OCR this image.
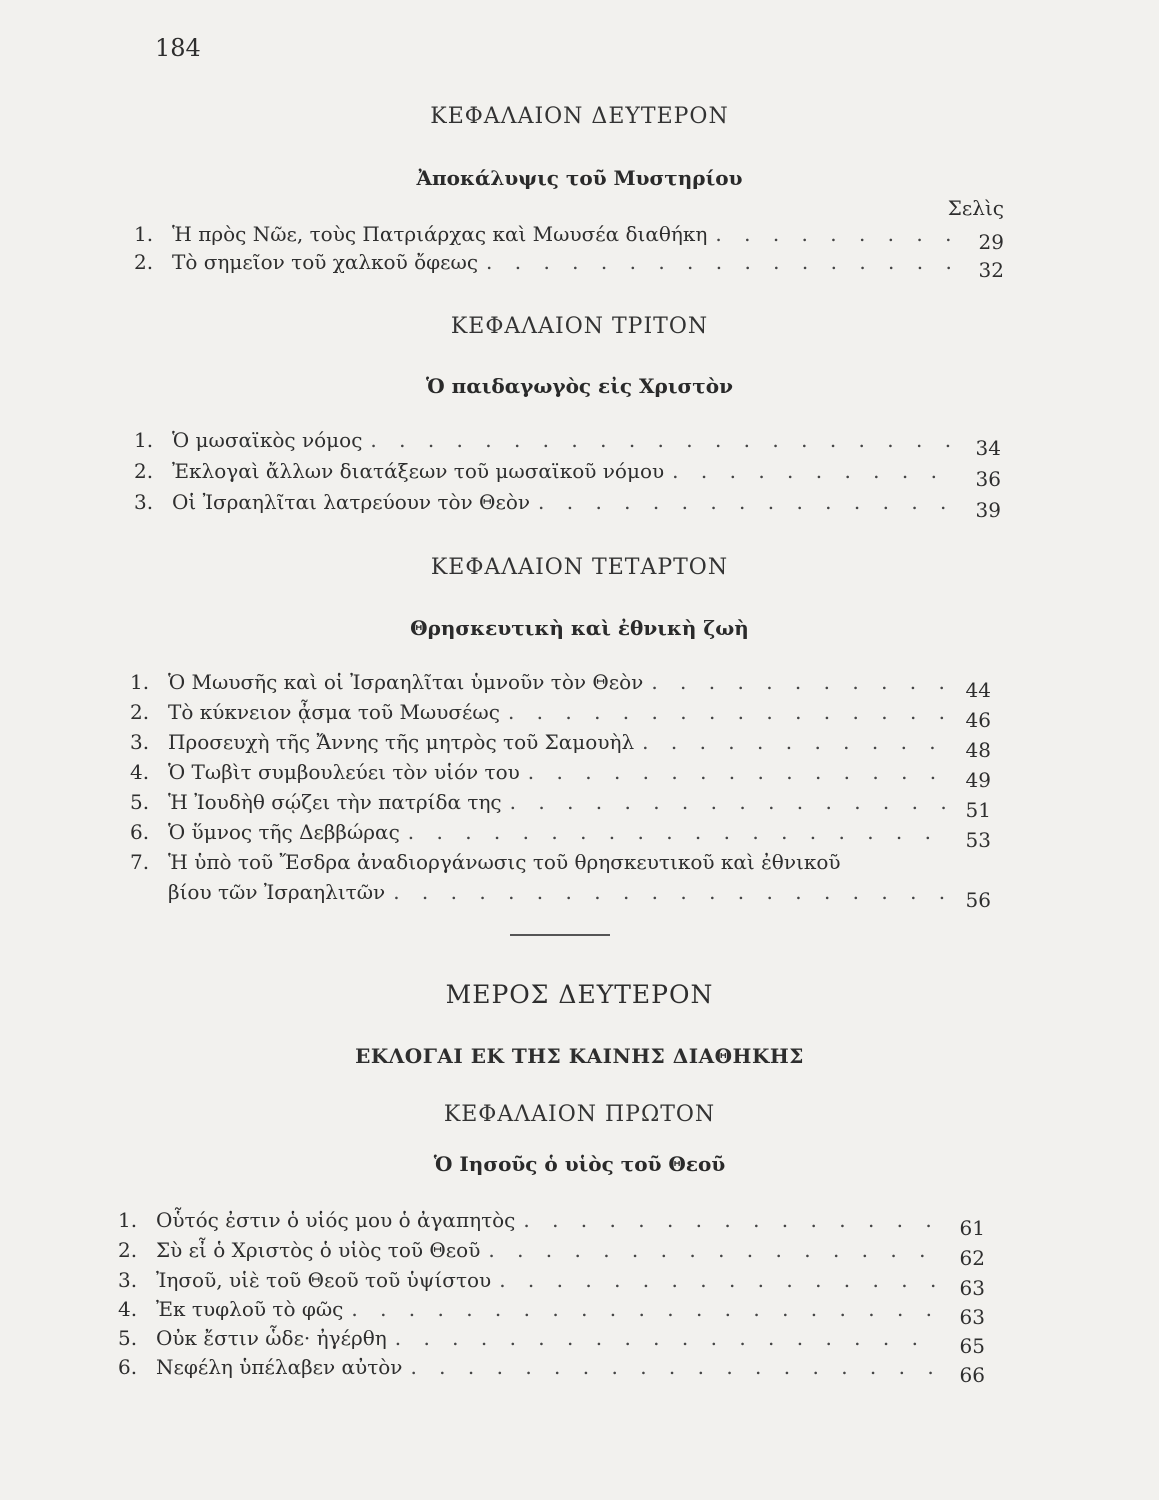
184
ΚΕΦΑΛΑΙΟΝ ΔΕΥΤΕΡΟΝ
Ἀποκάλυψις τοῦ Μυστηρίου
Σελὶς
1. Ἡ πρὸς Νῶε, τοὺς Πατριάρχας καὶ Μωυσέα διαθήκη . . .	29
2. Τὸ σημεῖον τοῦ χαλκοῦ ὄφεως . . .	32
ΚΕΦΑΛΑΙΟΝ ΤΡΙΤΟΝ
Ὁ παιδαγωγὸς εἰς Χριστὸν
1. Ὁ μωσαϊκὸς νόμος . . .	34
2. Ἐκλογαὶ ἄλλων διατάξεων τοῦ μωσαϊκοῦ νόμου . . .	36
3. Οἱ Ἰσραηλῖται λατρεύουν τὸν Θεὸν . . .	39
ΚΕΦΑΛΑΙΟΝ ΤΕΤΑΡΤΟΝ
Θρησκευτικὴ καὶ ἐθνικὴ ζωὴ
1. Ὁ Μωυσῆς καὶ οἱ Ἰσραηλῖται ὑμνοῦν τὸν Θεὸν . . .	44
2. Τὸ κύκνειον ᾆσμα τοῦ Μωυσέως . . .	46
3. Προσευχὴ τῆς Ἄννης τῆς μητρὸς τοῦ Σαμουὴλ . . .	48
4. Ὁ Τωβὶτ συμβουλεύει τὸν υἱόν του . . .	49
5. Ἡ Ἰουδὴθ σῴζει τὴν πατρίδα της . . .	51
6. Ὁ ὕμνος τῆς Δεββώρας . . .	53
7. Ἡ ὑπὸ τοῦ Ἔσδρα ἀναδιοργάνωσις τοῦ θρησκευτικοῦ καὶ ἐθνικοῦ
βίου τῶν Ἰσραηλιτῶν . . .	56
ΜΕΡΟΣ ΔΕΥΤΕΡΟΝ
ΕΚΛΟΓΑΙ ΕΚ ΤΗΣ ΚΑΙΝΗΣ ΔΙΑΘΗΚΗΣ
ΚΕΦΑΛΑΙΟΝ ΠΡΩΤΟΝ
Ὁ Ιησοῦς ὁ υἱὸς τοῦ Θεοῦ
1. Οὗτός ἐστιν ὁ υἱός μου ὁ ἀγαπητὸς . . .	61
2. Σὺ εἶ ὁ Χριστὸς ὁ υἱὸς τοῦ Θεοῦ . . .	62
3. Ἰησοῦ, υἱὲ τοῦ Θεοῦ τοῦ ὑψίστου . . .	63
4. Ἐκ τυφλοῦ τὸ φῶς . . .	63
5. Οὐκ ἔστιν ὧδε· ἠγέρθη . . .	65
6. Νεφέλη ὑπέλαβεν αὐτὸν . . .	66
